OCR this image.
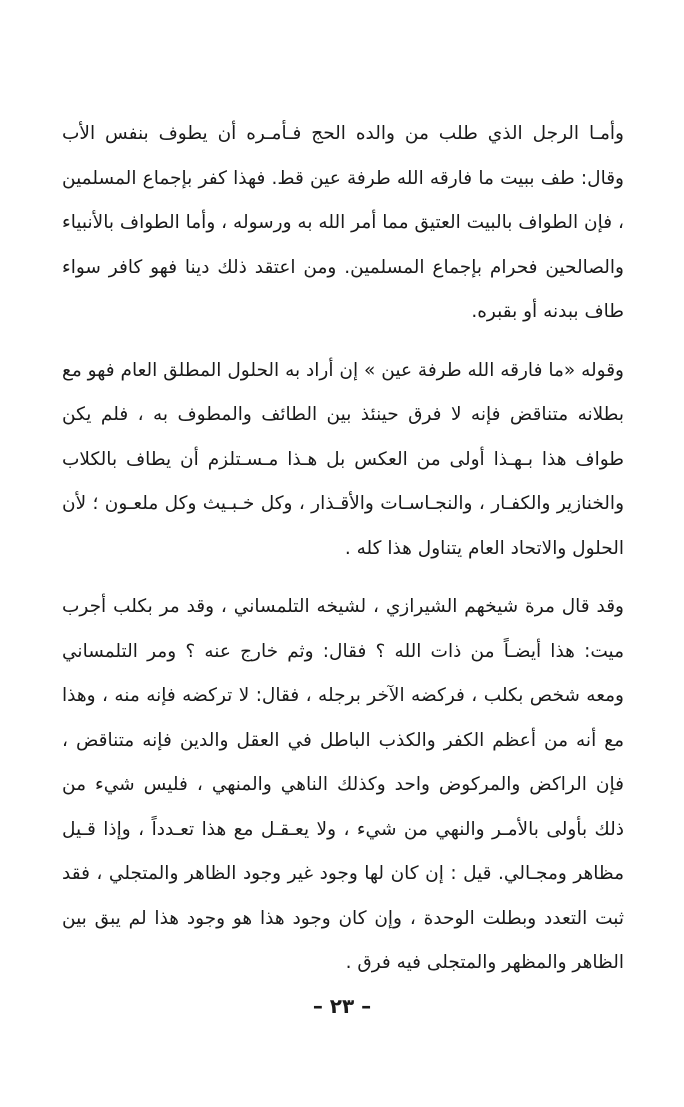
وأمـا الرجل الذي طلب من والده الحج فـأمـره أن يطوف بنفس الأب وقال: طف ببيت ما فارقه الله طرفة عين قط. فهذا كفر بإجماع المسلمين ، فإن الطواف بالبيت العتيق مما أمر الله به ورسوله ، وأما الطواف بالأنبياء والصالحين فحرام بإجماع المسلمين. ومن اعتقد ذلك دينا فهو كافر سواء طاف ببدنه أو بقبره.

وقوله «ما فارقه الله طرفة عين » إن أراد به الحلول المطلق العام فهو مع بطلانه متناقض فإنه لا فرق حينئذ بين الطائف والمطوف به ، فلم يكن طواف هذا بـهـذا أولى من العكس بل هـذا مـسـتلزم أن يطاف بالكلاب والخنازير والكفـار ، والنجـاسـات والأقـذار ، وكل خـبـيث وكل ملعـون ؛ لأن الحلول والاتحاد العام يتناول هذا كله .

وقد قال مرة شيخهم الشيرازي ، لشيخه التلمساني ، وقد مر بكلب أجرب ميت: هذا أيضـاً من ذات الله ؟ فقال: وثم خارج عنه ؟ ومر التلمساني ومعه شخص بكلب ، فركضه الآخر برجله ، فقال: لا تركضه فإنه منه ، وهذا مع أنه من أعظم الكفر والكذب الباطل في العقل والدين فإنه متناقض ، فإن الراكض والمركوض واحد وكذلك الناهي والمنهي ، فليس شيء من ذلك بأولى بالأمـر والنهي من شيء ، ولا يعـقـل مع هذا تعـدداً ، وإذا قـيل مظاهر ومجـالي. قيل : إن كان لها وجود غير وجود الظاهر والمتجلي ، فقد ثبت التعدد وبطلت الوحدة ، وإن كان وجود هذا هو وجود هذا لم يبق بين الظاهر والمظهر والمتجلى فيه فرق .

– ٢٣ –
